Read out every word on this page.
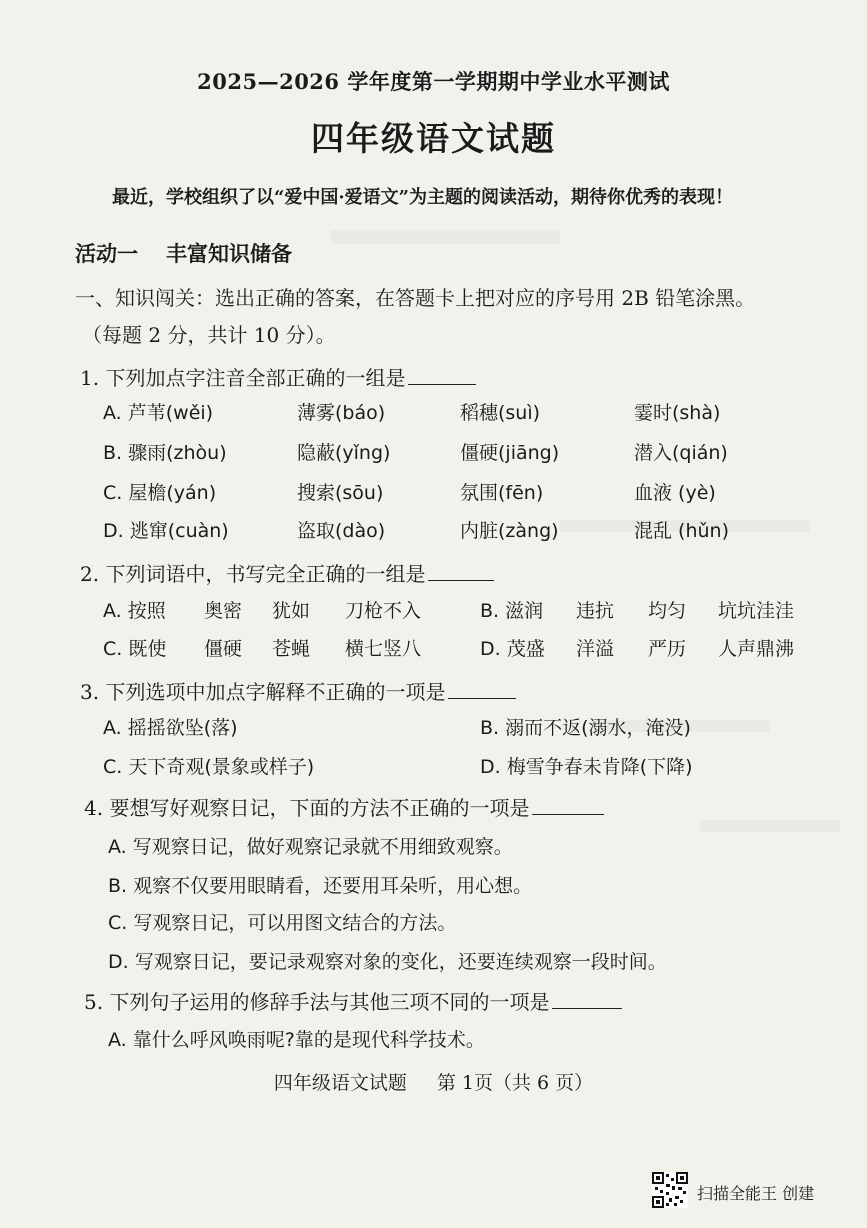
2025—2026 学年度第一学期期中学业水平测试
四年级语文试题
最近，学校组织了以“爱中国·爱语文”为主题的阅读活动，期待你优秀的表现！
活动一 丰富知识储备
一、知识闯关：选出正确的答案，在答题卡上把对应的序号用 2B 铅笔涂黑。
（每题 2 分，共计 10 分）。
1. 下列加点字注音全部正确的一组是
A. 芦苇(wěi)	薄雾(báo)	稻穗(suì)	霎时(shà)
B. 骤雨(zhòu)	隐蔽(yǐng)	僵硬(jiāng)	潜入(qián)
C. 屋檐(yán)	搜索(sōu)	氛围(fēn)	血液 (yè)
D. 逃窜(cuàn)	盗取(dào)	内脏(zàng)	混乱 (hǔn)
2. 下列词语中，书写完全正确的一组是
A. 按照 奥密 犹如 刀枪不入	B. 滋润 违抗 均匀 坑坑洼洼
C. 既使 僵硬 苍蝇 横七竖八	D. 茂盛 洋溢 严历 人声鼎沸
3. 下列选项中加点字解释不正确的一项是
A. 摇摇欲坠(落)	B. 溺而不返(溺水，淹没)
C. 天下奇观(景象或样子)	D. 梅雪争春未肯降(下降)
4. 要想写好观察日记，下面的方法不正确的一项是
A. 写观察日记，做好观察记录就不用细致观察。
B. 观察不仅要用眼睛看，还要用耳朵听，用心想。
C. 写观察日记，可以用图文结合的方法。
D. 写观察日记，要记录观察对象的变化，还要连续观察一段时间。
5. 下列句子运用的修辞手法与其他三项不同的一项是
A. 靠什么呼风唤雨呢?靠的是现代科学技术。
四年级语文试题 第 1页（共 6 页）
扫描全能王 创建
